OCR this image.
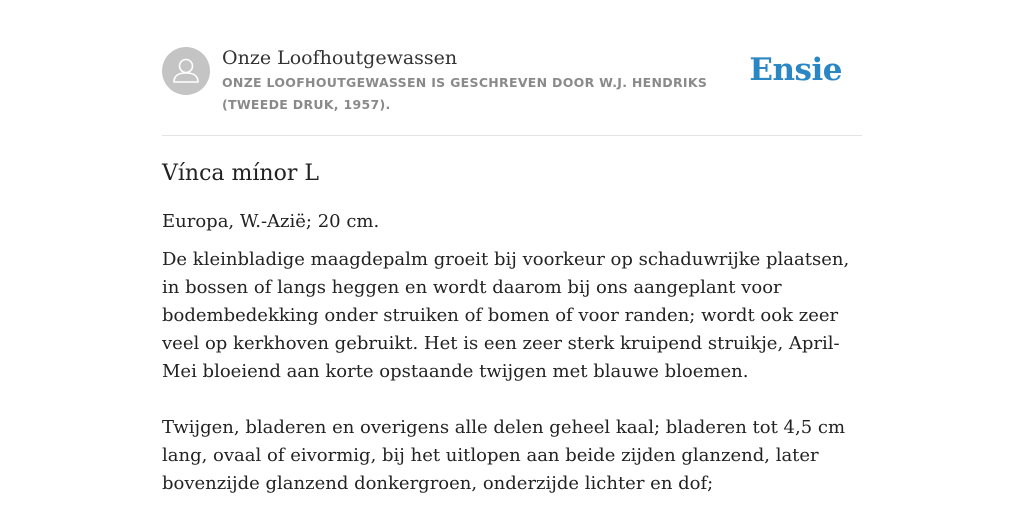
Onze Loofhoutgewassen

ONZE LOOFHOUTGEWASSEN IS GESCHREVEN DOOR W.J. HENDRIKS (TWEEDE DRUK, 1957).

Ensie
Vínca mínor L

Europa, W.-Azië; 20 cm.

De kleinbladige maagdepalm groeit bij voorkeur op schaduwrijke plaatsen, in bossen of langs heggen en wordt daarom bij ons aangeplant voor bodembedekking onder struiken of bomen of voor randen; wordt ook zeer veel op kerkhoven gebruikt. Het is een zeer sterk kruipend struikje, April-Mei bloeiend aan korte opstaande twijgen met blauwe bloemen.

Twijgen, bladeren en overigens alle delen geheel kaal; bladeren tot 4,5 cm lang, ovaal of eivormig, bij het uitlopen aan beide zijden glanzend, later bovenzijde glanzend donkergroen, onderzijde lichter en dof;
